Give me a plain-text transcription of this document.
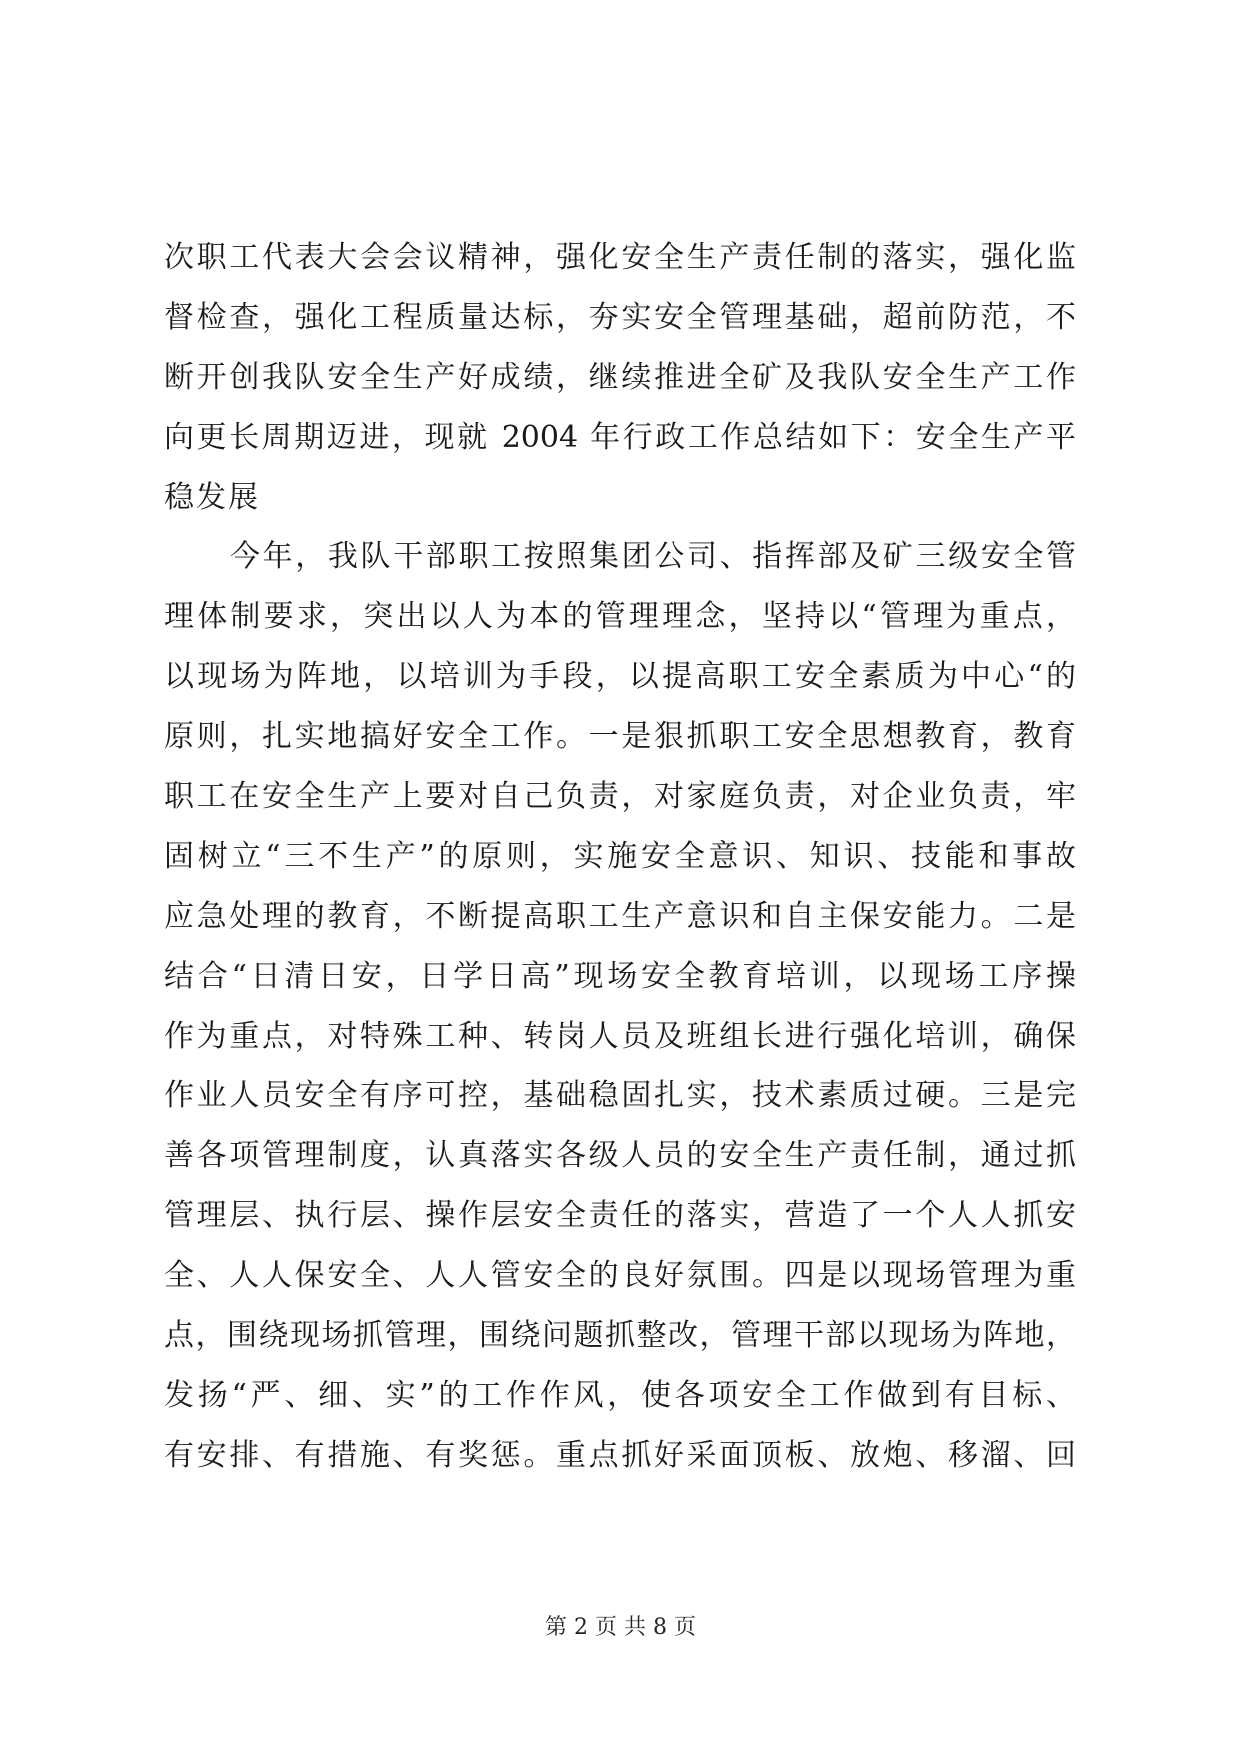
次职工代表大会会议精神，强化安全生产责任制的落实，强化监
督检查，强化工程质量达标，夯实安全管理基础，超前防范，不
断开创我队安全生产好成绩，继续推进全矿及我队安全生产工作
向更长周期迈进，现就 2004 年行政工作总结如下：安全生产平
稳发展
今年，我队干部职工按照集团公司、指挥部及矿三级安全管
理体制要求，突出以人为本的管理理念，坚持以“管理为重点，
以现场为阵地，以培训为手段，以提高职工安全素质为中心“的
原则，扎实地搞好安全工作。一是狠抓职工安全思想教育，教育
职工在安全生产上要对自己负责，对家庭负责，对企业负责，牢
固树立“三不生产”的原则，实施安全意识、知识、技能和事故
应急处理的教育，不断提高职工生产意识和自主保安能力。二是
结合“日清日安，日学日高”现场安全教育培训，以现场工序操
作为重点，对特殊工种、转岗人员及班组长进行强化培训，确保
作业人员安全有序可控，基础稳固扎实，技术素质过硬。三是完
善各项管理制度，认真落实各级人员的安全生产责任制，通过抓
管理层、执行层、操作层安全责任的落实，营造了一个人人抓安
全、人人保安全、人人管安全的良好氛围。四是以现场管理为重
点，围绕现场抓管理，围绕问题抓整改，管理干部以现场为阵地，
发扬“严、细、实”的工作作风，使各项安全工作做到有目标、
有安排、有措施、有奖惩。重点抓好采面顶板、放炮、移溜、回
第 2 页 共 8 页
